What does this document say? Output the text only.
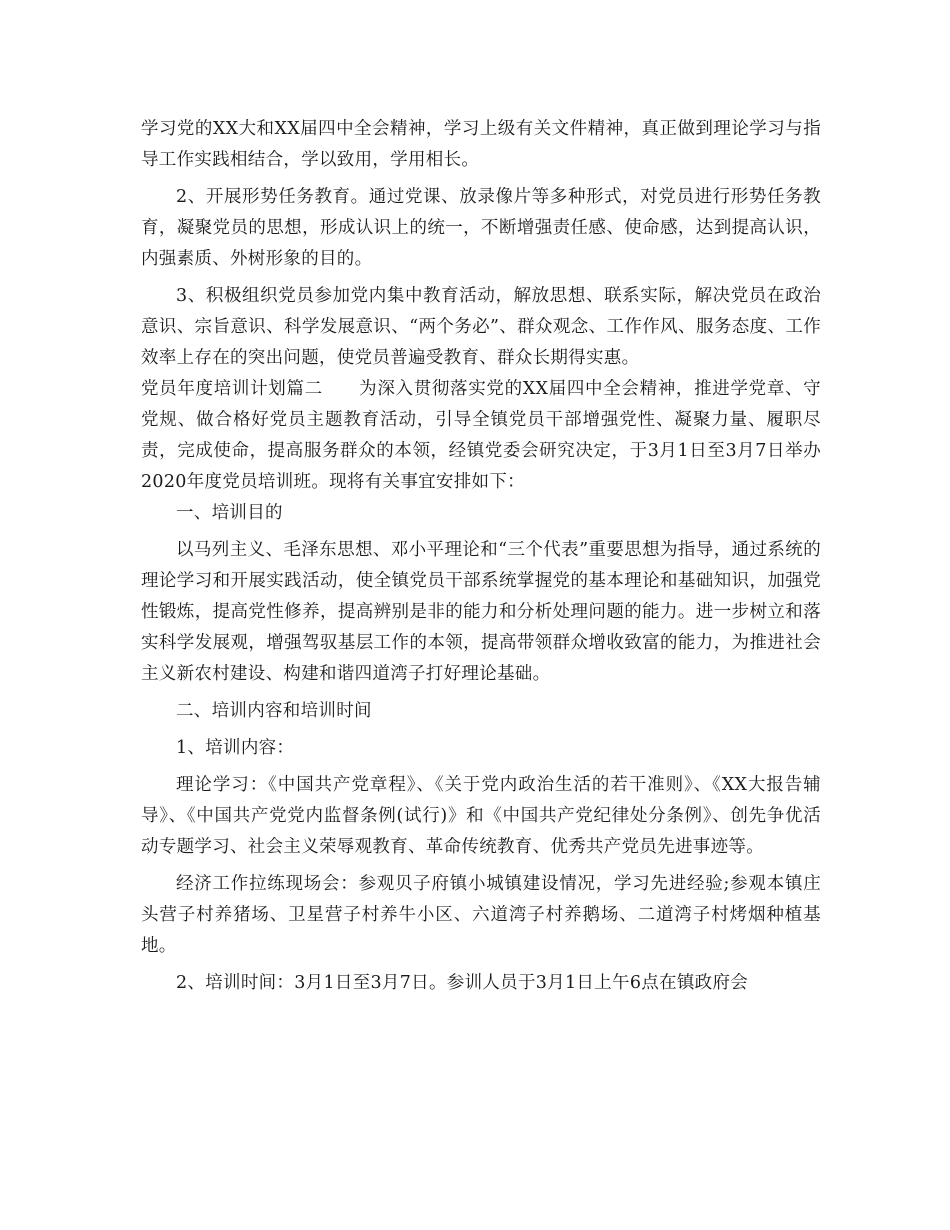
学习党的XX大和XX届四中全会精神，学习上级有关文件精神，真正做到理论学习与指导工作实践相结合，学以致用，学用相长。

2、开展形势任务教育。通过党课、放录像片等多种形式，对党员进行形势任务教育，凝聚党员的思想，形成认识上的统一，不断增强责任感、使命感，达到提高认识，内强素质、外树形象的目的。

3、积极组织党员参加党内集中教育活动，解放思想、联系实际，解决党员在政治意识、宗旨意识、科学发展意识、“两个务必”、群众观念、工作作风、服务态度、工作效率上存在的突出问题，使党员普遍受教育、群众长期得实惠。

党员年度培训计划篇二　　为深入贯彻落实党的XX届四中全会精神，推进学党章、守党规、做合格好党员主题教育活动，引导全镇党员干部增强党性、凝聚力量、履职尽责，完成使命，提高服务群众的本领，经镇党委会研究决定，于3月1日至3月7日举办2020年度党员培训班。现将有关事宜安排如下：

一、培训目的

以马列主义、毛泽东思想、邓小平理论和“三个代表”重要思想为指导，通过系统的理论学习和开展实践活动，使全镇党员干部系统掌握党的基本理论和基础知识，加强党性锻炼，提高党性修养，提高辨别是非的能力和分析处理问题的能力。进一步树立和落实科学发展观，增强驾驭基层工作的本领，提高带领群众增收致富的能力，为推进社会主义新农村建设、构建和谐四道湾子打好理论基础。

二、培训内容和培训时间

1、培训内容：

理论学习：《中国共产党章程》、《关于党内政治生活的若干准则》、《XX大报告辅导》、《中国共产党党内监督条例(试行)》和《中国共产党纪律处分条例》、创先争优活动专题学习、社会主义荣辱观教育、革命传统教育、优秀共产党员先进事迹等。

经济工作拉练现场会：参观贝子府镇小城镇建设情况，学习先进经验;参观本镇庄头营子村养猪场、卫星营子村养牛小区、六道湾子村养鹅场、二道湾子村烤烟种植基地。

2、培训时间：3月1日至3月7日。参训人员于3月1日上午6点在镇政府会
